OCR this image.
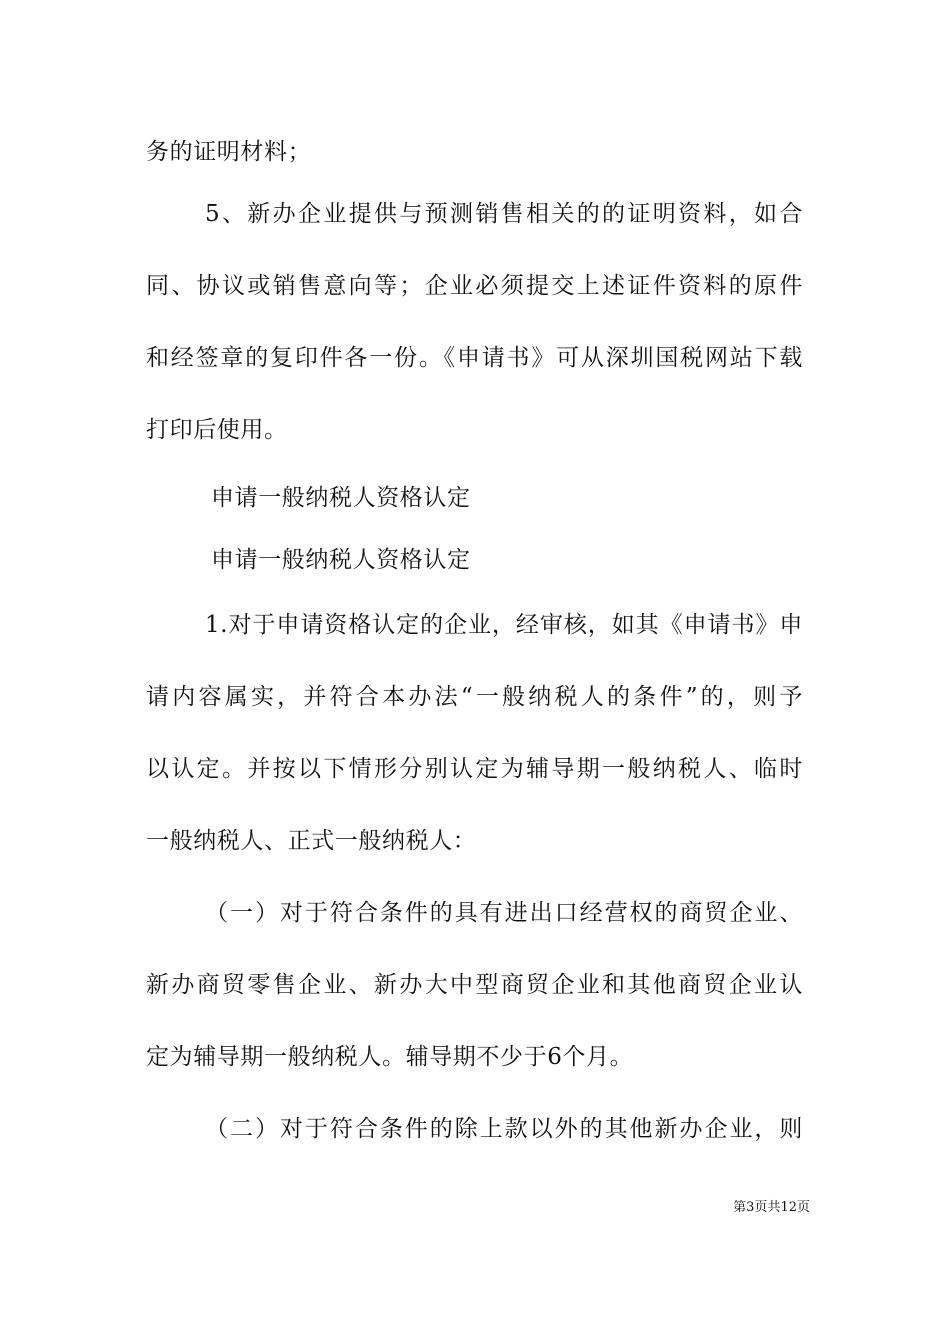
务的证明材料；
5、新办企业提供与预测销售相关的的证明资料，如合
同、协议或销售意向等；企业必须提交上述证件资料的原件
和经签章的复印件各一份。《申请书》可从深圳国税网站下载
打印后使用。
申请一般纳税人资格认定
申请一般纳税人资格认定
1.对于申请资格认定的企业，经审核，如其《申请书》申
请内容属实，并符合本办法“一般纳税人的条件”的，则予
以认定。并按以下情形分别认定为辅导期一般纳税人、临时
一般纳税人、正式一般纳税人：
（一）对于符合条件的具有进出口经营权的商贸企业、
新办商贸零售企业、新办大中型商贸企业和其他商贸企业认
定为辅导期一般纳税人。辅导期不少于6个月。
（二）对于符合条件的除上款以外的其他新办企业，则
第3页共12页
